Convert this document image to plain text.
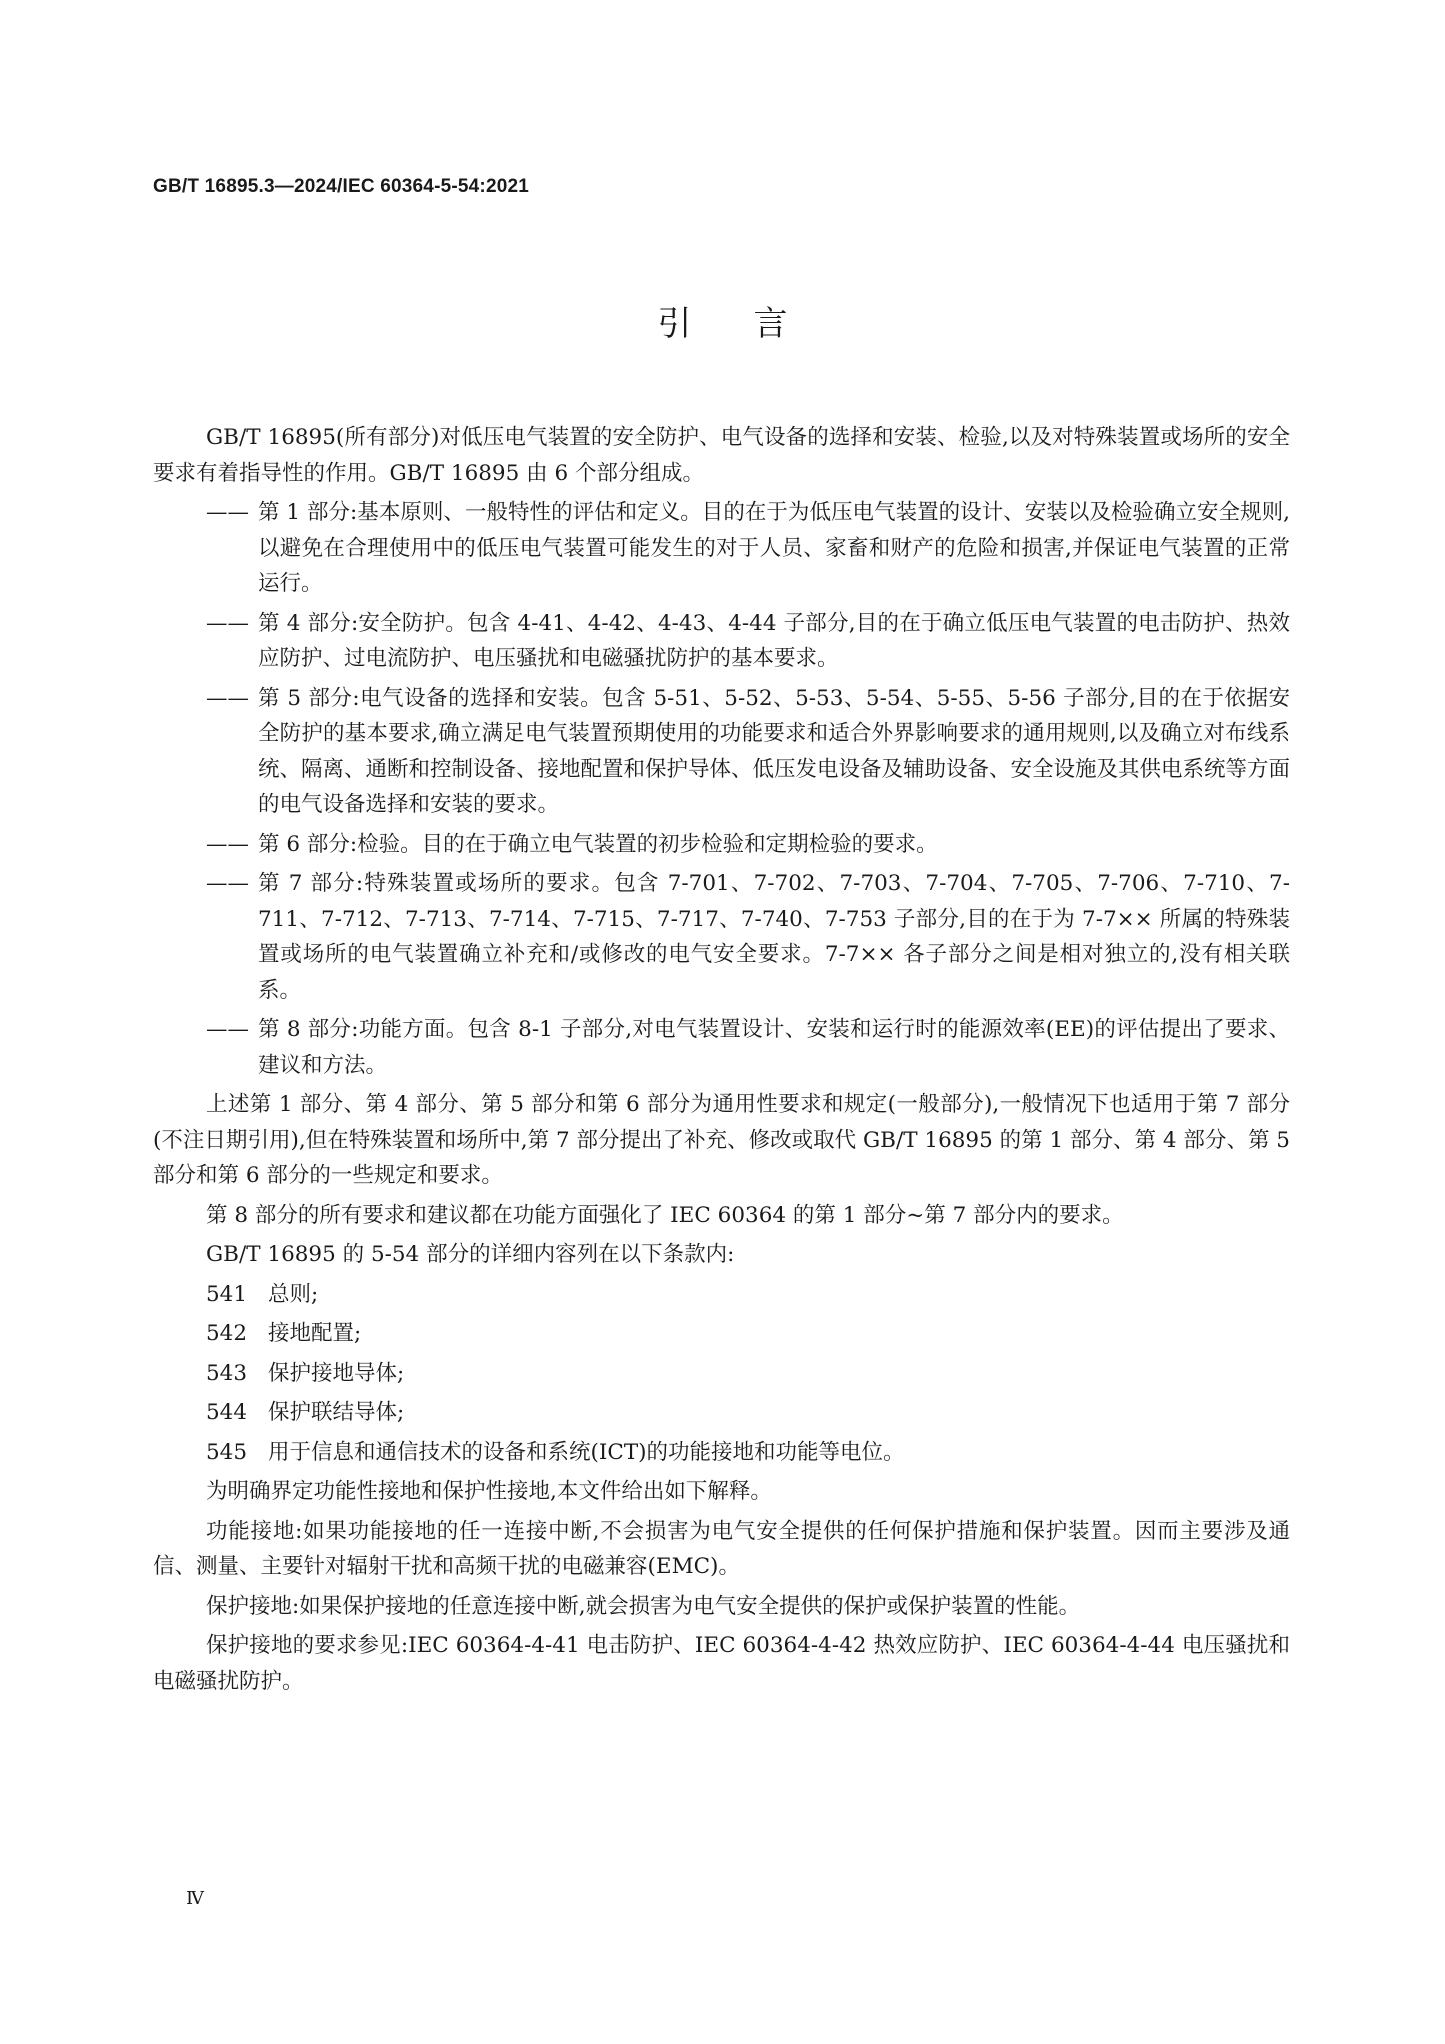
GB/T 16895.3—2024/IEC 60364-5-54:2021
引言

GB/T 16895(所有部分)对低压电气装置的安全防护、电气设备的选择和安装、检验,以及对特殊装置或场所的安全要求有着指导性的作用。GB/T 16895 由 6 个部分组成。

—— 第 1 部分:基本原则、一般特性的评估和定义。目的在于为低压电气装置的设计、安装以及检验确立安全规则,以避免在合理使用中的低压电气装置可能发生的对于人员、家畜和财产的危险和损害,并保证电气装置的正常运行。
—— 第 4 部分:安全防护。包含 4-41、4-42、4-43、4-44 子部分,目的在于确立低压电气装置的电击防护、热效应防护、过电流防护、电压骚扰和电磁骚扰防护的基本要求。
—— 第 5 部分:电气设备的选择和安装。包含 5-51、5-52、5-53、5-54、5-55、5-56 子部分,目的在于依据安全防护的基本要求,确立满足电气装置预期使用的功能要求和适合外界影响要求的通用规则,以及确立对布线系统、隔离、通断和控制设备、接地配置和保护导体、低压发电设备及辅助设备、安全设施及其供电系统等方面的电气设备选择和安装的要求。
—— 第 6 部分:检验。目的在于确立电气装置的初步检验和定期检验的要求。
—— 第 7 部分:特殊装置或场所的要求。包含 7-701、7-702、7-703、7-704、7-705、7-706、7-710、7-711、7-712、7-713、7-714、7-715、7-717、7-740、7-753 子部分,目的在于为 7-7×× 所属的特殊装置或场所的电气装置确立补充和/或修改的电气安全要求。7-7×× 各子部分之间是相对独立的,没有相关联系。
—— 第 8 部分:功能方面。包含 8-1 子部分,对电气装置设计、安装和运行时的能源效率(EE)的评估提出了要求、建议和方法。

上述第 1 部分、第 4 部分、第 5 部分和第 6 部分为通用性要求和规定(一般部分),一般情况下也适用于第 7 部分(不注日期引用),但在特殊装置和场所中,第 7 部分提出了补充、修改或取代 GB/T 16895 的第 1 部分、第 4 部分、第 5 部分和第 6 部分的一些规定和要求。

第 8 部分的所有要求和建议都在功能方面强化了 IEC 60364 的第 1 部分~第 7 部分内的要求。

GB/T 16895 的 5-54 部分的详细内容列在以下条款内:

541 总则;
542 接地配置;
543 保护接地导体;
544 保护联结导体;
545 用于信息和通信技术的设备和系统(ICT)的功能接地和功能等电位。

为明确界定功能性接地和保护性接地,本文件给出如下解释。

功能接地:如果功能接地的任一连接中断,不会损害为电气安全提供的任何保护措施和保护装置。因而主要涉及通信、测量、主要针对辐射干扰和高频干扰的电磁兼容(EMC)。

保护接地:如果保护接地的任意连接中断,就会损害为电气安全提供的保护或保护装置的性能。

保护接地的要求参见:IEC 60364-4-41 电击防护、IEC 60364-4-42 热效应防护、IEC 60364-4-44 电压骚扰和电磁骚扰防护。

Ⅳ
